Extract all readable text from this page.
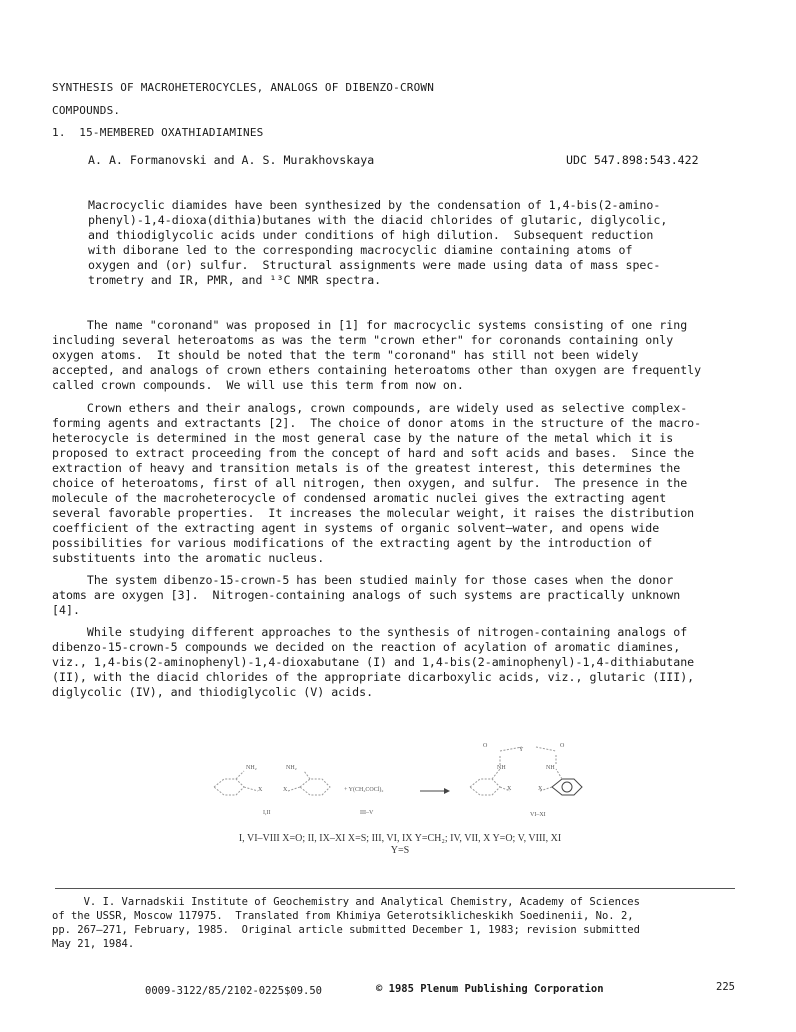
SYNTHESIS OF MACROHETEROCYCLES, ANALOGS OF DIBENZO-CROWN
COMPOUNDS.
1.  15-MEMBERED OXATHIADIAMINES
A. A. Formanovski and A. S. Murakhovskaya	UDC 547.898:543.422
Macrocyclic diamides have been synthesized by the condensation of 1,4-bis(2-amino-
phenyl)-1,4-dioxa(dithia)butanes with the diacid chlorides of glutaric, diglycolic,
and thiodiglycolic acids under conditions of high dilution.  Subsequent reduction
with diborane led to the corresponding macrocyclic diamine containing atoms of
oxygen and (or) sulfur.  Structural assignments were made using data of mass spec-
trometry and IR, PMR, and ¹³C NMR spectra.
The name "coronand" was proposed in [1] for macrocyclic systems consisting of one ring
including several heteroatoms as was the term "crown ether" for coronands containing only
oxygen atoms.  It should be noted that the term "coronand" has still not been widely
accepted, and analogs of crown ethers containing heteroatoms other than oxygen are frequently
called crown compounds.  We will use this term from now on.
Crown ethers and their analogs, crown compounds, are widely used as selective complex-
forming agents and extractants [2].  The choice of donor atoms in the structure of the macro-
heterocycle is determined in the most general case by the nature of the metal which it is
proposed to extract proceeding from the concept of hard and soft acids and bases.  Since the
extraction of heavy and transition metals is of the greatest interest, this determines the
choice of heteroatoms, first of all nitrogen, then oxygen, and sulfur.  The presence in the
molecule of the macroheterocycle of condensed aromatic nuclei gives the extracting agent
several favorable properties.  It increases the molecular weight, it raises the distribution
coefficient of the extracting agent in systems of organic solvent–water, and opens wide
possibilities for various modifications of the extracting agent by the introduction of
substituents into the aromatic nucleus.
The system dibenzo-15-crown-5 has been studied mainly for those cases when the donor
atoms are oxygen [3].  Nitrogen-containing analogs of such systems are practically unknown
[4].
While studying different approaches to the synthesis of nitrogen-containing analogs of
dibenzo-15-crown-5 compounds we decided on the reaction of acylation of aromatic diamines,
viz., 1,4-bis(2-aminophenyl)-1,4-dioxabutane (I) and 1,4-bis(2-aminophenyl)-1,4-dithiabutane
(II), with the diacid chlorides of the appropriate dicarboxylic acids, viz., glutaric (III),
diglycolic (IV), and thiodiglycolic (V) acids.
NH₂	NH₂
X	X	+ Y(CH₂COCl)₂
I,II	III–V	VI–XI
O
Y
O
NH	NH
X	X
I, VI–VIII X=O; II, IX–XI X=S; III, VI, IX Y=CH₂; IV, VII, X Y=O; V, VIII, XI
Y=S
V. I. Varnadskii Institute of Geochemistry and Analytical Chemistry, Academy of Sciences
of the USSR, Moscow 117975.  Translated from Khimiya Geterotsiklicheskikh Soedinenii, No. 2,
pp. 267–271, February, 1985.  Original article submitted December 1, 1983; revision submitted
May 21, 1984.
0009-3122/85/2102-0225$09.50	© 1985 Plenum Publishing Corporation	225
